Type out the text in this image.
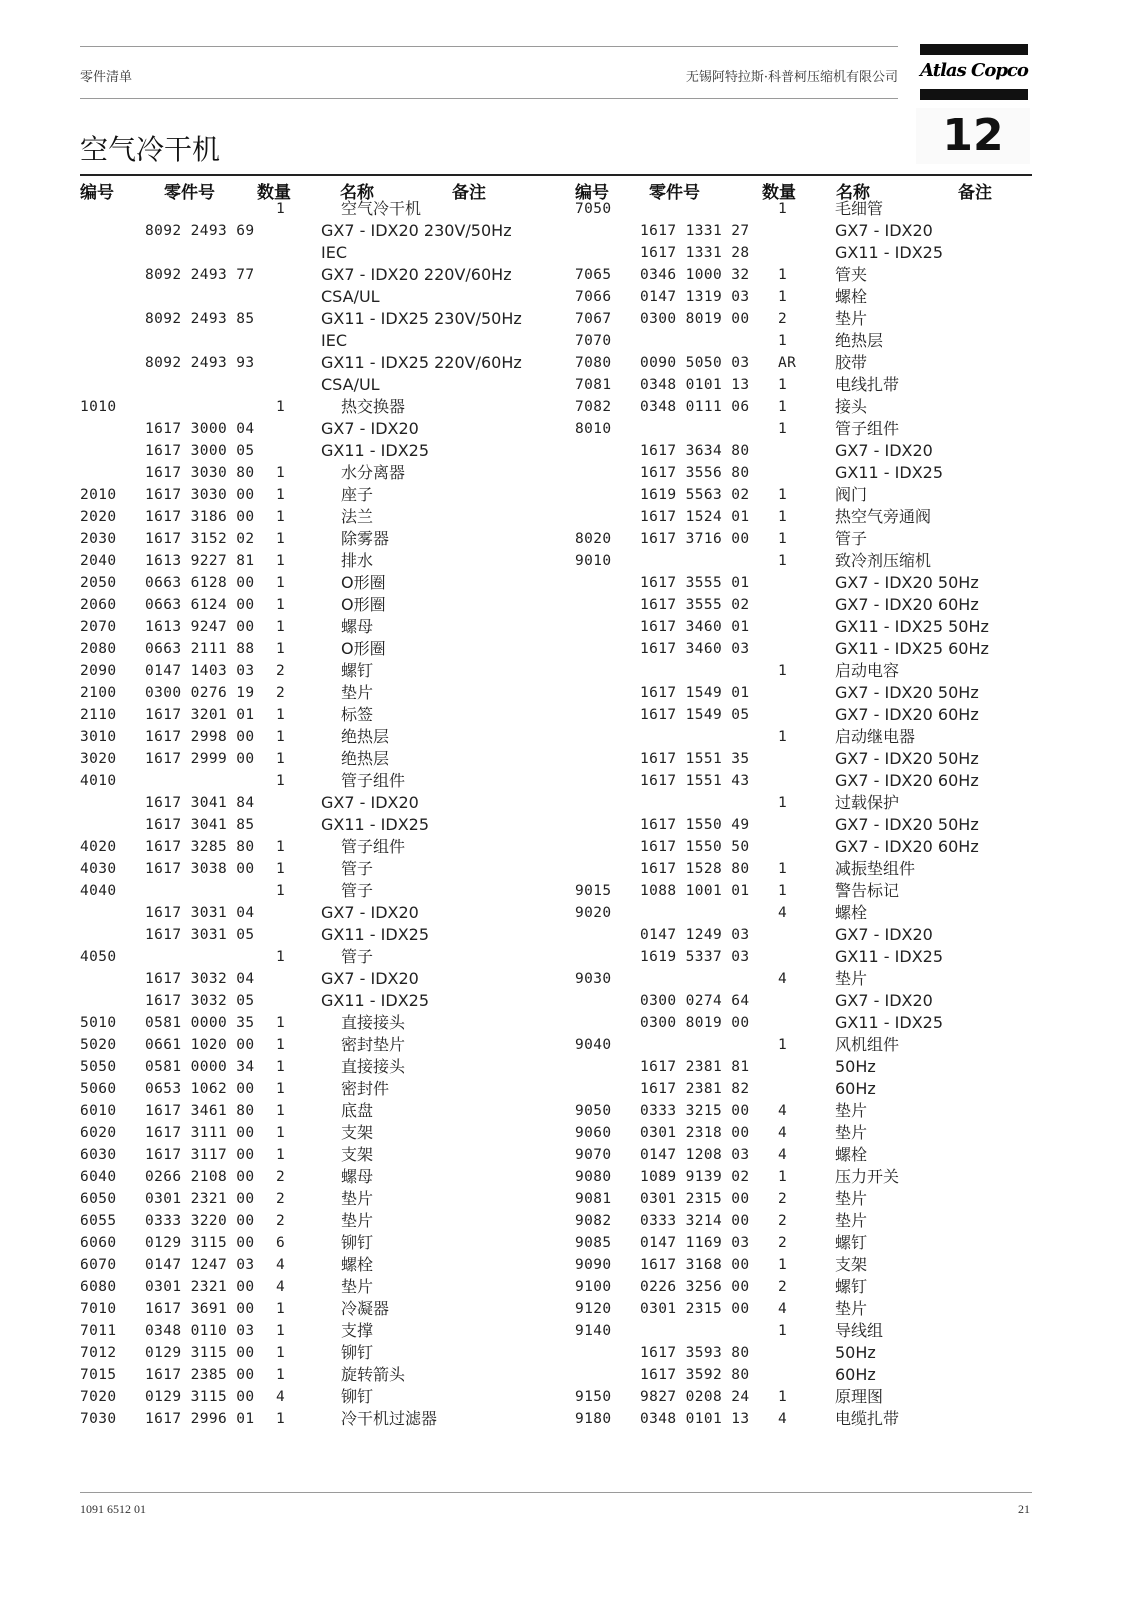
零件清单	无锡阿特拉斯·科普柯压缩机有限公司 Atlas Copco
12
空气冷干机
编号	零件号 数量	名称	备注	编号 零件号	数量 名称	备注
1	空气冷干机
8092 2493 69	GX7 - IDX20 230V/50Hz
IEC
8092 2493 77	GX7 - IDX20 220V/60Hz
CSA/UL
8092 2493 85	GX11 - IDX25 230V/50Hz
IEC
8092 2493 93	GX11 - IDX25 220V/60Hz
CSA/UL
1010	1	热交换器
1617 3000 04	GX7 - IDX20
1617 3000 05	GX11 - IDX25
1617 3030 80 1	水分离器
2010 1617 3030 00 1	座子
2020 1617 3186 00 1	法兰
2030 1617 3152 02 1	除雾器
2040 1613 9227 81 1	排水
2050 0663 6128 00 1	O形圈
2060 0663 6124 00 1	O形圈
2070 1613 9247 00 1	螺母
2080 0663 2111 88 1	O形圈
2090 0147 1403 03 2	螺钉
2100 0300 0276 19 2	垫片
2110 1617 3201 01 1	标签
3010 1617 2998 00 1	绝热层
3020 1617 2999 00 1	绝热层
4010	1	管子组件
1617 3041 84	GX7 - IDX20
1617 3041 85	GX11 - IDX25
4020 1617 3285 80 1	管子组件
4030 1617 3038 00 1	管子
4040	1	管子
1617 3031 04	GX7 - IDX20
1617 3031 05	GX11 - IDX25
4050	1	管子
1617 3032 04	GX7 - IDX20
1617 3032 05	GX11 - IDX25
5010 0581 0000 35 1	直接接头
5020 0661 1020 00 1	密封垫片
5050 0581 0000 34 1	直接接头
5060 0653 1062 00 1	密封件
6010 1617 3461 80 1	底盘
6020 1617 3111 00 1	支架
6030 1617 3117 00 1	支架
6040 0266 2108 00 2	螺母
6050 0301 2321 00 2	垫片
6055 0333 3220 00 2	垫片
6060 0129 3115 00 6	铆钉
6070 0147 1247 03 4	螺栓
6080 0301 2321 00 4	垫片
7010 1617 3691 00 1	冷凝器
7011 0348 0110 03 1	支撑
7012 0129 3115 00 1	铆钉
7015 1617 2385 00 1	旋转箭头
7020 0129 3115 00 4	铆钉
7030 1617 2996 01 1	冷干机过滤器
7050	1	毛细管
1617 1331 27	GX7 - IDX20
1617 1331 28	GX11 - IDX25
7065 0346 1000 32 1	管夹
7066 0147 1319 03 1	螺栓
7067 0300 8019 00 2	垫片
7070	1	绝热层
7080 0090 5050 03 AR 胶带
7081 0348 0101 13 1	电线扎带
7082 0348 0111 06 1	接头
8010	1	管子组件
1617 3634 80	GX7 - IDX20
1617 3556 80	GX11 - IDX25
1619 5563 02 1	阀门
1617 1524 01 1	热空气旁通阀
8020 1617 3716 00 1	管子
9010	1	致冷剂压缩机
1617 3555 01	GX7 - IDX20 50Hz
1617 3555 02	GX7 - IDX20 60Hz
1617 3460 01	GX11 - IDX25 50Hz
1617 3460 03	GX11 - IDX25 60Hz
1	启动电容
1617 1549 01	GX7 - IDX20 50Hz
1617 1549 05	GX7 - IDX20 60Hz
1	启动继电器
1617 1551 35	GX7 - IDX20 50Hz
1617 1551 43	GX7 - IDX20 60Hz
1	过载保护
1617 1550 49	GX7 - IDX20 50Hz
1617 1550 50	GX7 - IDX20 60Hz
1617 1528 80 1	减振垫组件
9015 1088 1001 01 1	警告标记
9020	4	螺栓
0147 1249 03	GX7 - IDX20
1619 5337 03	GX11 - IDX25
9030	4	垫片
0300 0274 64	GX7 - IDX20
0300 8019 00	GX11 - IDX25
9040	1	风机组件
1617 2381 81	50Hz
1617 2381 82	60Hz
9050 0333 3215 00 4	垫片
9060 0301 2318 00 4	垫片
9070 0147 1208 03 4	螺栓
9080 1089 9139 02 1	压力开关
9081 0301 2315 00 2	垫片
9082 0333 3214 00 2	垫片
9085 0147 1169 03 2	螺钉
9090 1617 3168 00 1	支架
9100 0226 3256 00 2	螺钉
9120 0301 2315 00 4	垫片
9140	1	导线组
1617 3593 80	50Hz
1617 3592 80	60Hz
9150 9827 0208 24 1	原理图
9180 0348 0101 13 4	电缆扎带
1091 6512 01	21
